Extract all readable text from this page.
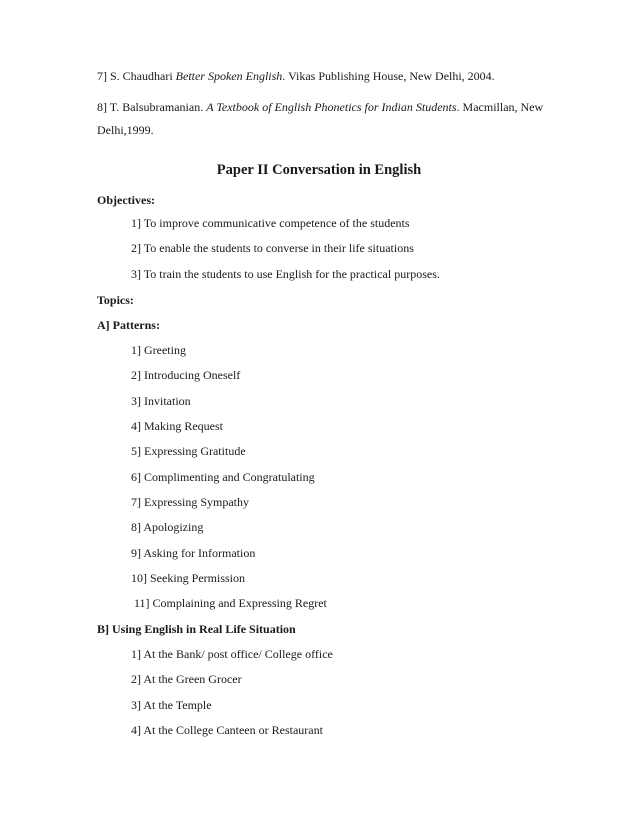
7] S. Chaudhari Better Spoken English. Vikas Publishing House, New Delhi, 2004.
8] T. Balsubramanian. A Textbook of English Phonetics for Indian Students. Macmillan, New Delhi,1999.
Paper II Conversation in English
Objectives:
1] To improve communicative competence of the students
2] To enable the students to converse in their life situations
3] To train the students to use English for the practical purposes.
Topics:
A] Patterns:
1] Greeting
2] Introducing Oneself
3] Invitation
4] Making Request
5] Expressing Gratitude
6] Complimenting and Congratulating
7] Expressing Sympathy
8] Apologizing
9] Asking for Information
10] Seeking Permission
11] Complaining and Expressing Regret
B] Using English in Real Life Situation
1] At the Bank/ post office/ College office
2] At the Green Grocer
3] At the Temple
4] At the College Canteen or Restaurant
